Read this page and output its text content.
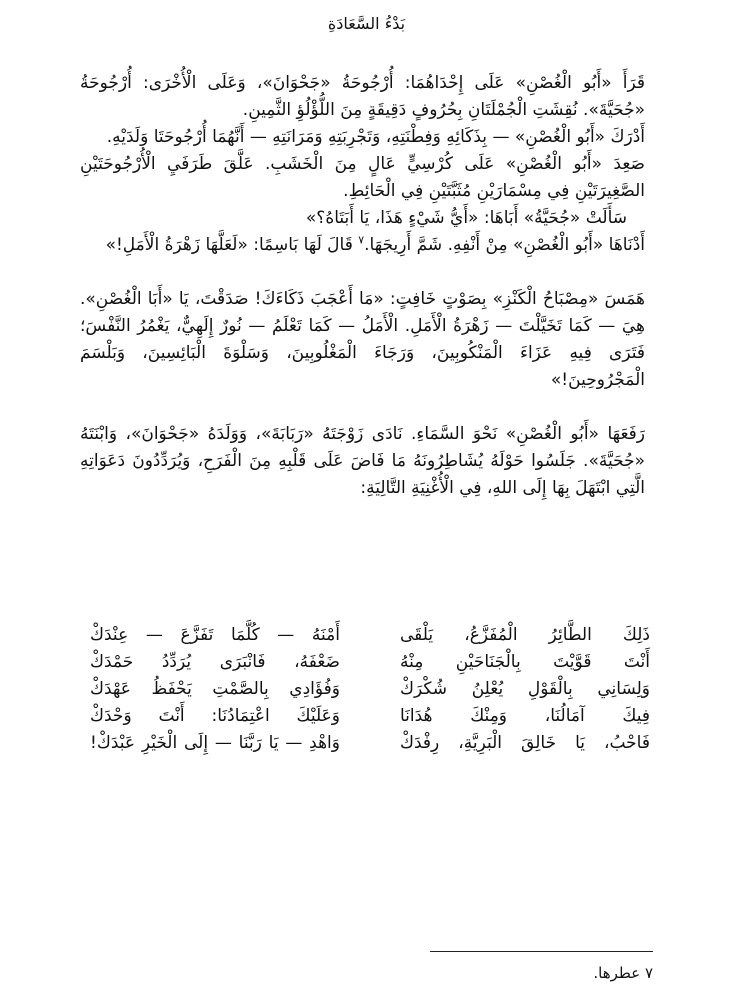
بَدْءُ السَّعَادَةِ

قَرَأَ «أَبُو الْغُصْنِ» عَلَى إِحْدَاهُمَا: أُرْجُوحَةُ «جَحْوَانَ»، وَعَلَى الْأُخْرَى: أُرْجُوحَةُ «جُحَيَّةَ». نُقِشَتِ الْجُمْلَتَانِ بِحُرُوفٍ دَقِيقَةٍ مِنَ اللُّؤْلُؤِ الثَّمِينِ.

أَدْرَكَ «أَبُو الْغُصْنِ» — بِذَكَائِهِ وَفِطْنَتِهِ، وَتَجْرِبَتِهِ وَمَرَانَتِهِ — أَنَّهُمَا أُرْجُوحَتَا وَلَدَيْهِ.

صَعِدَ «أَبُو الْغُصْنِ» عَلَى كُرْسِيٍّ عَالٍ مِنَ الْخَشَبِ. عَلَّقَ طَرَفَيِ الْأُرْجُوحَتَيْنِ الصَّغِيرَتَيْنِ فِي مِسْمَارَيْنِ مُثَبَّتَيْنِ فِي الْحَائِطِ.

سَأَلَتْ «جُحَيَّةُ» أَبَاهَا: «أَيُّ شَيْءٍ هَذَا، يَا أَبَتَاهُ؟»

أَدْنَاهَا «أَبُو الْغُصْنِ» مِنْ أَنْفِهِ. شَمَّ أَرِيجَهَا.$^٧$ قَالَ لَهَا بَاسِمًا: «لَعَلَّهَا زَهْرَةُ الْأَمَلِ!»

هَمَسَ «مِصْبَاحُ الْكَنْزِ» بِصَوْتٍ خَافِتٍ: «مَا أَعْجَبَ ذَكَاءَكَ! صَدَقْتَ، يَا «أَبَا الْغُصْنِ». هِيَ — كَمَا تَخَيَّلْتَ — زَهْرَةُ الْأَمَلِ. الْأَمَلُ — كَمَا تَعْلَمُ — نُورٌ إِلَهِيٌّ، يَغْمُرُ النَّفْسَ؛ فَتَرَى فِيهِ عَزَاءَ الْمَنْكُوبِينَ، وَرَجَاءَ الْمَغْلُوبِينَ، وَسَلْوَةَ الْبَائِسِينَ، وَبَلْسَمَ الْمَجْرُوحِينَ!»

رَفَعَهَا «أَبُو الْغُصْنِ» نَحْوَ السَّمَاءِ. نَادَى زَوْجَتَهُ «رَبَابَةَ»، وَوَلَدَهُ «جَحْوَانَ»، وَابْنَتَهُ «جُحَيَّةَ». جَلَسُوا حَوْلَهُ يُشَاطِرُونَهُ مَا فَاضَ عَلَى قَلْبِهِ مِنَ الْفَرَحِ، وَيُرَدِّدُونَ دَعَوَاتِهِ الَّتِي ابْتَهَلَ بِهَا إِلَى اللهِ، فِي الْأُغْنِيَةِ التَّالِيَةِ:

ذَلِكَ الطَّائِرُ الْمُفَزَّعُ، يَلْقَى
أَمْنَهُ — كُلَّمَا تَفَزَّعَ — عِنْدَكْ
أَنْتَ قَوَّيْتَ بِالْجَنَاحَيْنِ مِنْهُ
ضَعْفَهُ، فَانْبَرَى يُرَدِّدُ حَمْدَكْ
وَلِسَانِي بِالْقَوْلِ يُعْلِنُ شُكْرَكْ
وَفُؤَادِي بِالصَّمْتِ يَحْفَظُ عَهْدَكْ
فِيكَ آمَالُنَا، وَمِنْكَ هُدَانَا
وَعَلَيْكَ اعْتِمَادُنَا: أَنْتَ وَحْدَكْ
فَاحْبُ، يَا خَالِقَ الْبَرِيَّةِ، رِفْدَكْ
وَاهْدِ — يَا رَبَّنَا — إِلَى الْخَيْرِ عَبْدَكْ!
٧ عطرها.
